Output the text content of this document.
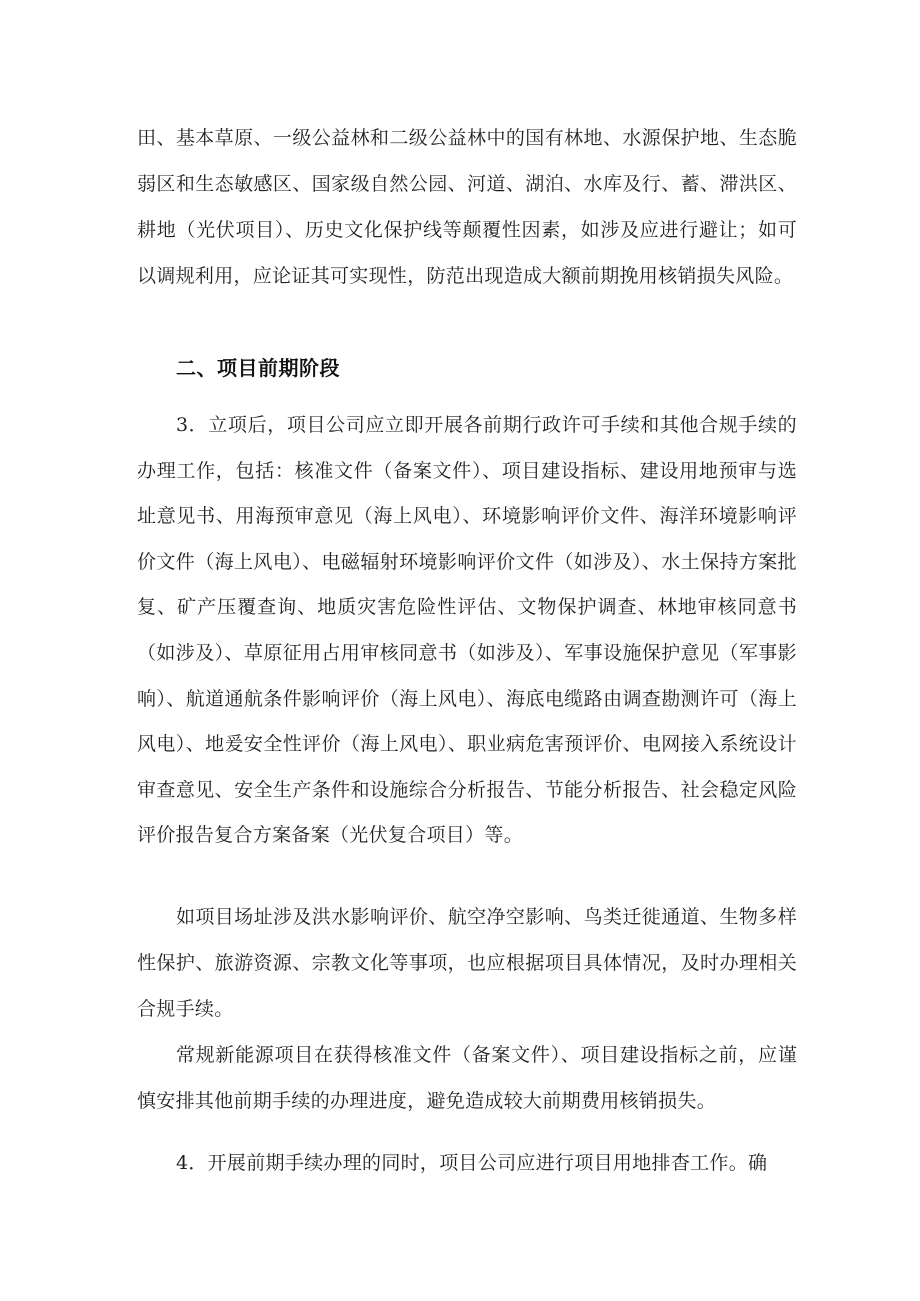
田、基本草原、一级公益林和二级公益林中的国有林地、水源保护地、生态脆弱区和生态敏感区、国家级自然公园、河道、湖泊、水库及行、蓄、滞洪区、耕地（光伏项目）、历史文化保护线等颠覆性因素，如涉及应进行避让；如可以调规利用，应论证其可实现性，防范出现造成大额前期挽用核销损失风险。

二、项目前期阶段

3．立项后，项目公司应立即开展各前期行政许可手续和其他合规手续的办理工作，包括：核准文件（备案文件）、项目建设指标、建设用地预审与选址意见书、用海预审意见（海上风电）、环境影响评价文件、海洋环境影响评价文件（海上风电）、电磁辐射环境影响评价文件（如涉及）、水土保持方案批复、矿产压覆查询、地质灾害危险性评估、文物保护调查、林地审核同意书（如涉及）、草原征用占用审核同意书（如涉及）、军事设施保护意见（军事影响）、航道通航条件影响评价（海上风电）、海底电缆路由调查勘测许可（海上风电）、地爰安全性评价（海上风电）、职业病危害预评价、电网接入系统设计审查意见、安全生产条件和设施综合分析报告、节能分析报告、社会稳定风险评价报告复合方案备案（光伏复合项目）等。

如项目场址涉及洪水影响评价、航空净空影响、鸟类迁徙通道、生物多样性保护、旅游资源、宗教文化等事项，也应根据项目具体情况，及时办理相关合规手续。

常规新能源项目在获得核准文件（备案文件）、项目建设指标之前，应谨慎安排其他前期手续的办理进度，避免造成较大前期费用核销损失。

4．开展前期手续办理的同时，项目公司应进行项目用地排杳工作。确
